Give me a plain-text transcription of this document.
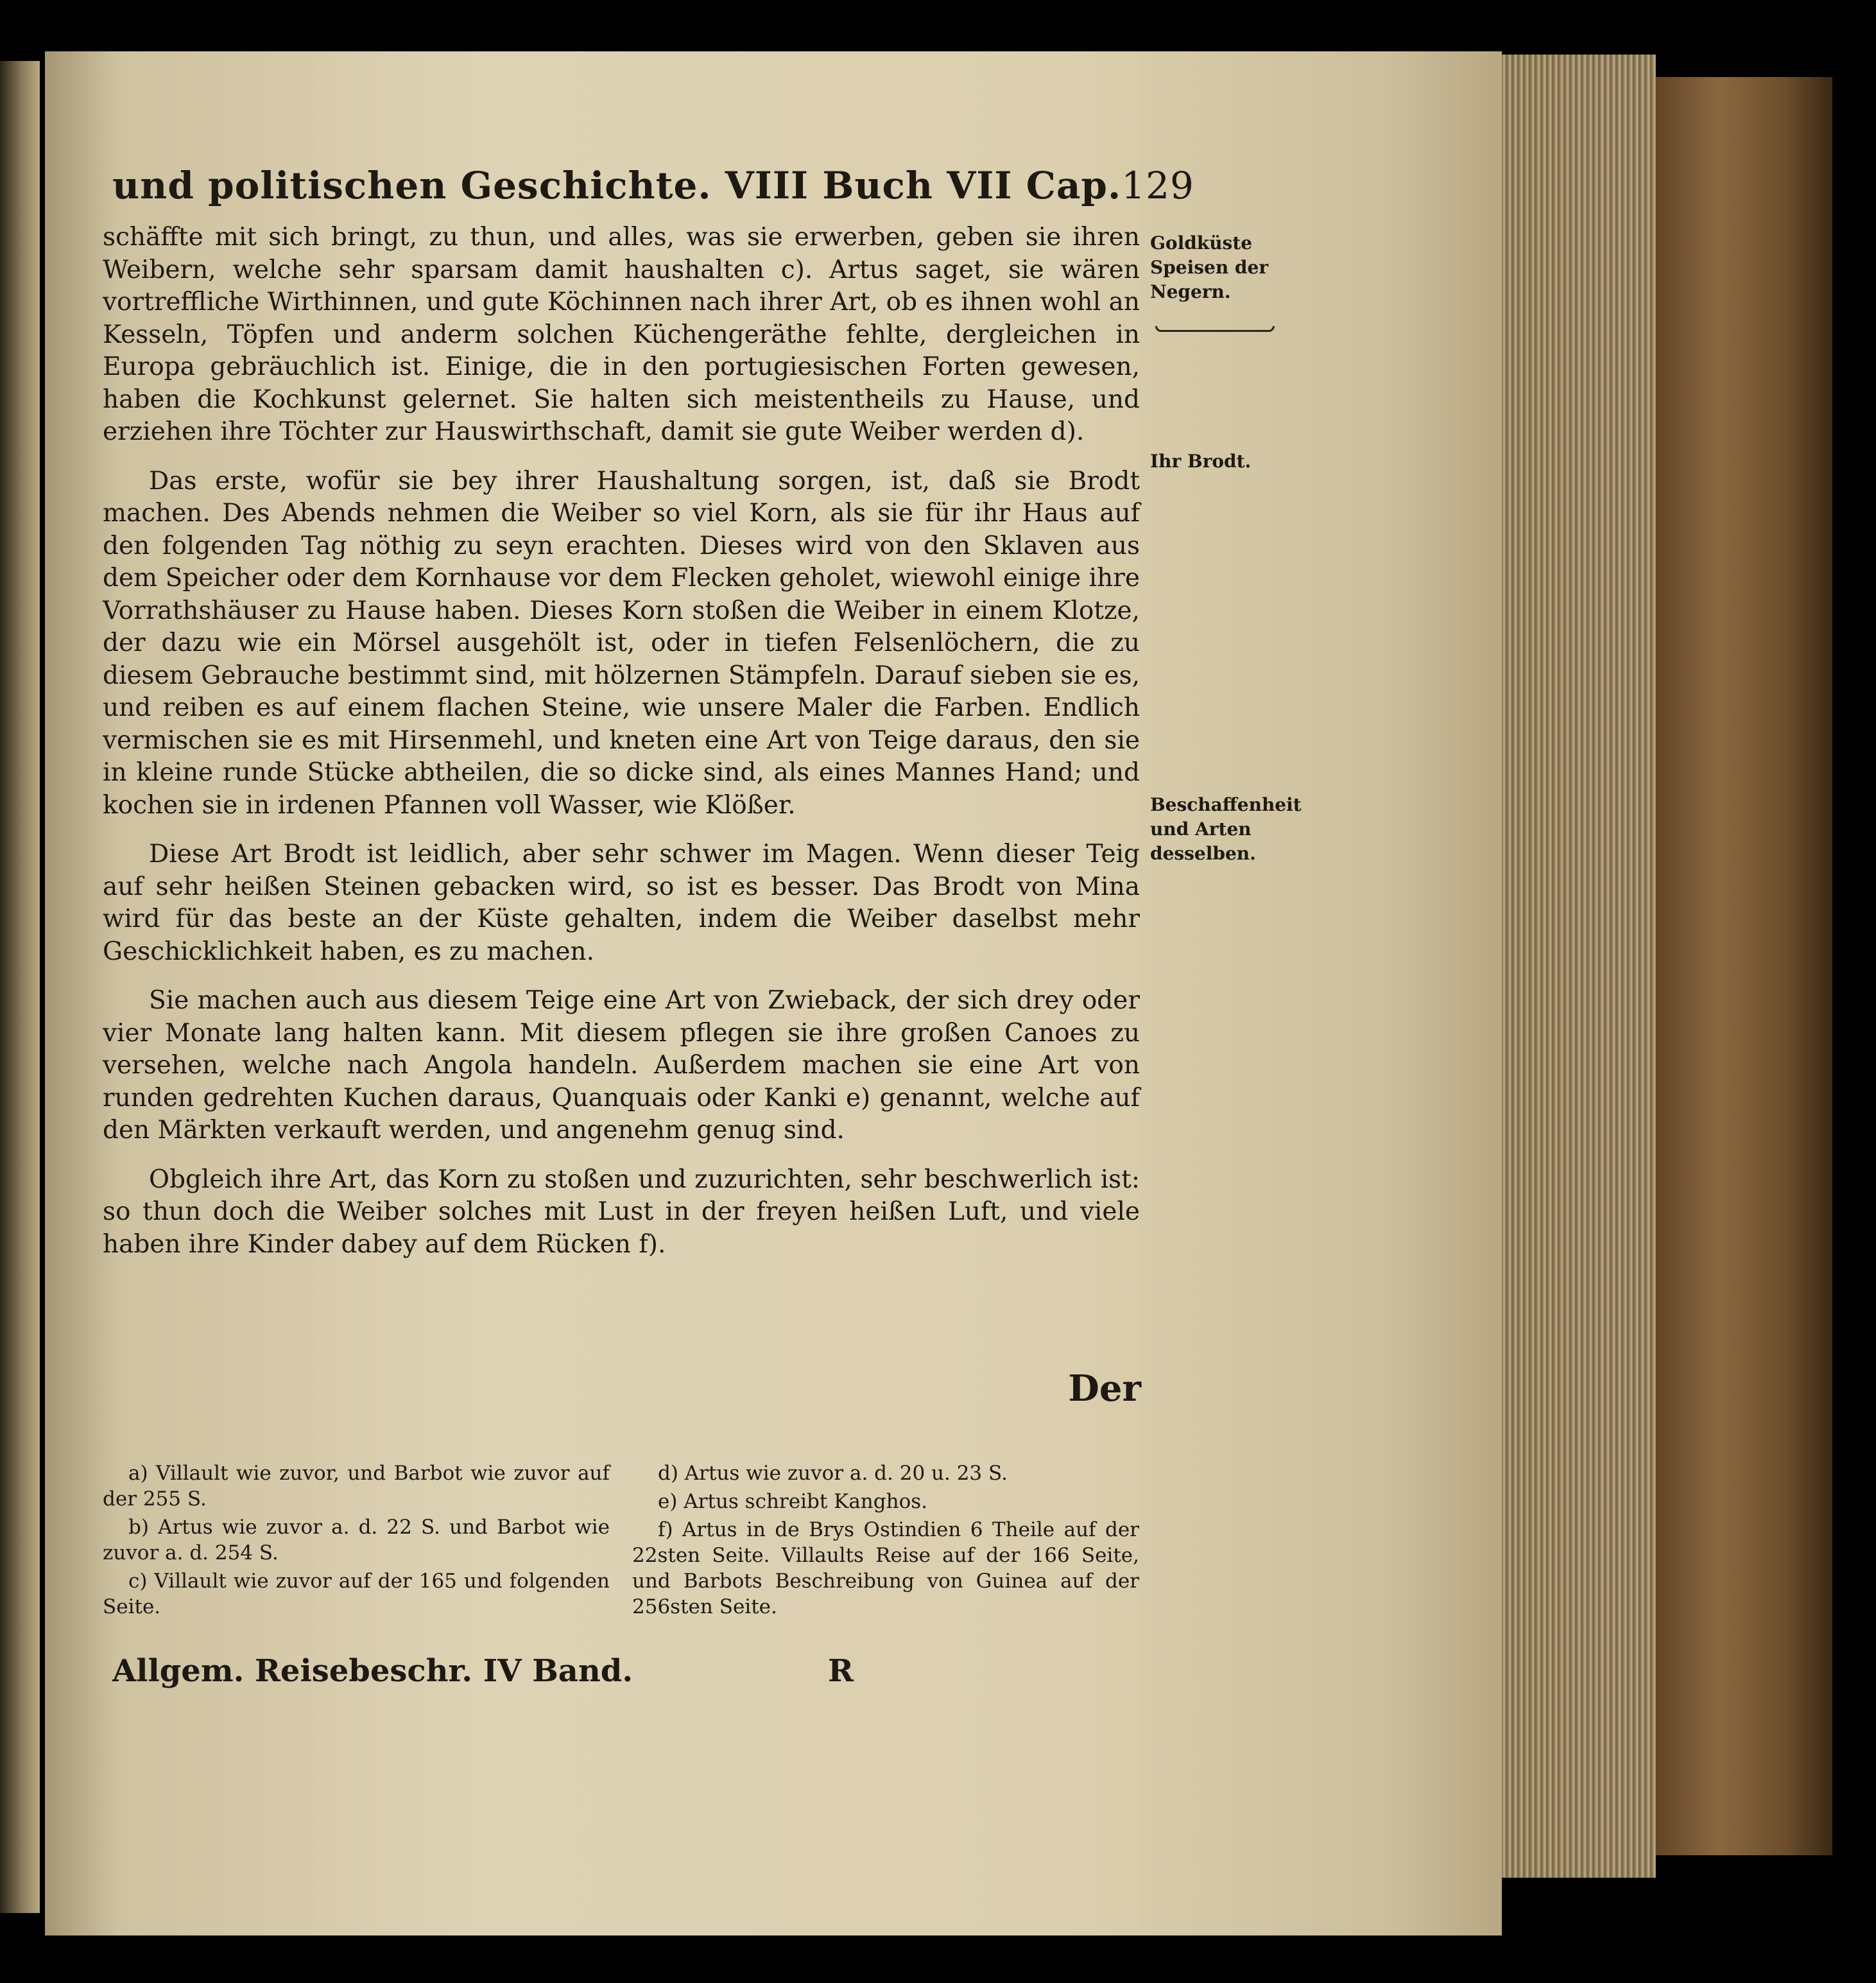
und politischen Geschichte. VIII Buch VII Cap. 129

schäffte mit sich bringt, zu thun, und alles, was sie erwerben, geben sie ihren Weibern, welche sehr sparsam damit haushalten c). Artus saget, sie wären vortreffliche Wirthinnen, und gute Köchinnen nach ihrer Art, ob es ihnen wohl an Kesseln, Töpfen und anderm solchen Küchengeräthe fehlte, dergleichen in Europa gebräuchlich ist. Einige, die in den portugiesischen Forten gewesen, haben die Kochkunst gelernet. Sie halten sich meistentheils zu Hause, und erziehen ihre Töchter zur Hauswirthschaft, damit sie gute Weiber werden d).

Das erste, wofür sie bey ihrer Haushaltung sorgen, ist, daß sie Brodt machen. Des Abends nehmen die Weiber so viel Korn, als sie für ihr Haus auf den folgenden Tag nöthig zu seyn erachten. Dieses wird von den Sklaven aus dem Speicher oder dem Kornhause vor dem Flecken geholet, wiewohl einige ihre Vorrathshäuser zu Hause haben. Dieses Korn stoßen die Weiber in einem Klotze, der dazu wie ein Mörsel ausgehölt ist, oder in tiefen Felsenlöchern, die zu diesem Gebrauche bestimmt sind, mit hölzernen Stämpfeln. Darauf sieben sie es, und reiben es auf einem flachen Steine, wie unsere Maler die Farben. Endlich vermischen sie es mit Hirsenmehl, und kneten eine Art von Teige daraus, den sie in kleine runde Stücke abtheilen, die so dicke sind, als eines Mannes Hand; und kochen sie in irdenen Pfannen voll Wasser, wie Klößer.

Diese Art Brodt ist leidlich, aber sehr schwer im Magen. Wenn dieser Teig auf sehr heißen Steinen gebacken wird, so ist es besser. Das Brodt von Mina wird für das beste an der Küste gehalten, indem die Weiber daselbst mehr Geschicklichkeit haben, es zu machen.

Sie machen auch aus diesem Teige eine Art von Zwieback, der sich drey oder vier Monate lang halten kann. Mit diesem pflegen sie ihre großen Canoes zu versehen, welche nach Angola handeln. Außerdem machen sie eine Art von runden gedrehten Kuchen daraus, Quanquais oder Kanki e) genannt, welche auf den Märkten verkauft werden, und angenehm genug sind.

Obgleich ihre Art, das Korn zu stoßen und zuzurichten, sehr beschwerlich ist: so thun doch die Weiber solches mit Lust in der freyen heißen Luft, und viele haben ihre Kinder dabey auf dem Rücken f).

Goldküste Speisen der Negern.
Ihr Brodt.
Beschaffenheit und Arten desselben.
Der

a) Villault wie zuvor, und Barbot wie zuvor auf der 255 S.

b) Artus wie zuvor a. d. 22 S. und Barbot wie zuvor a. d. 254 S.

c) Villault wie zuvor auf der 165 und folgenden Seite.

d) Artus wie zuvor a. d. 20 u. 23 S.

e) Artus schreibt Kanghos.

f) Artus in de Brys Ostindien 6 Theile auf der 22sten Seite. Villaults Reise auf der 166 Seite, und Barbots Beschreibung von Guinea auf der 256sten Seite.

Allgem. Reisebeschr. IV Band.	R
